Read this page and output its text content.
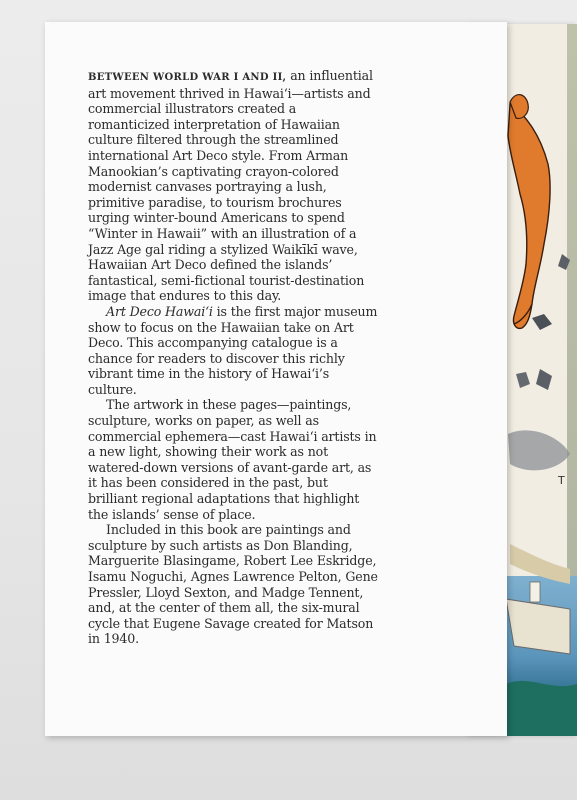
T

BETWEEN WORLD WAR I AND II, an influential art movement thrived in Hawai‘i—artists and commercial illustrators created a romanticized interpretation of Hawaiian culture filtered through the streamlined international Art Deco style. From Arman Manookian’s captivating crayon-colored modernist canvases portraying a lush, primitive paradise, to tourism brochures urging winter-bound Americans to spend “Winter in Hawaii” with an illustration of a Jazz Age gal riding a stylized Waikīkī wave, Hawaiian Art Deco defined the islands’ fantastical, semi-fictional tourist-destination image that endures to this day.

Art Deco Hawai‘i is the first major museum show to focus on the Hawaiian take on Art Deco. This accompanying catalogue is a chance for readers to discover this richly vibrant time in the history of Hawai‘i’s culture.

The artwork in these pages—paintings, sculpture, works on paper, as well as commercial ephemera—cast Hawai‘i artists in a new light, showing their work as not watered-down versions of avant-garde art, as it has been considered in the past, but brilliant regional adaptations that highlight the islands’ sense of place.

Included in this book are paintings and sculpture by such artists as Don Blanding, Marguerite Blasingame, Robert Lee Eskridge, Isamu Noguchi, Agnes Lawrence Pelton, Gene Pressler, Lloyd Sexton, and Madge Tennent, and, at the center of them all, the six-mural cycle that Eugene Savage created for Matson in 1940.
